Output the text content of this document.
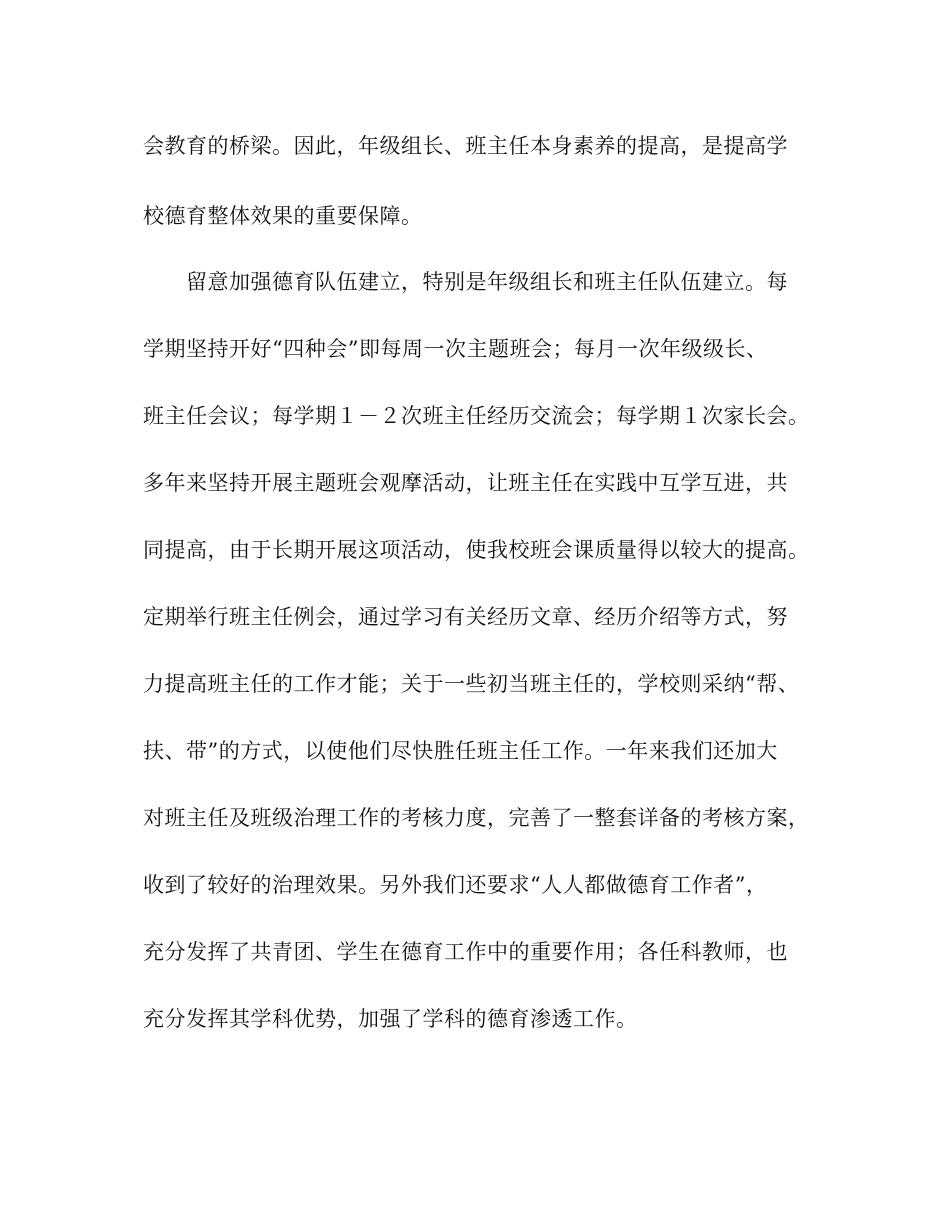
会教育的桥梁。因此，年级组长、班主任本身素养的提高，是提高学
校德育整体效果的重要保障。
留意加强德育队伍建立，特别是年级组长和班主任队伍建立。每
学期坚持开好“四种会”即每周一次主题班会；每月一次年级级长、
班主任会议；每学期１－２次班主任经历交流会；每学期１次家长会。
多年来坚持开展主题班会观摩活动，让班主任在实践中互学互进，共
同提高，由于长期开展这项活动，使我校班会课质量得以较大的提高。
定期举行班主任例会，通过学习有关经历文章、经历介绍等方式，努
力提高班主任的工作才能；关于一些初当班主任的，学校则采纳“帮、
扶、带”的方式，以使他们尽快胜任班主任工作。一年来我们还加大
对班主任及班级治理工作的考核力度，完善了一整套详备的考核方案，
收到了较好的治理效果。另外我们还要求“人人都做德育工作者”，
充分发挥了共青团、学生在德育工作中的重要作用；各任科教师，也
充分发挥其学科优势，加强了学科的德育渗透工作。
